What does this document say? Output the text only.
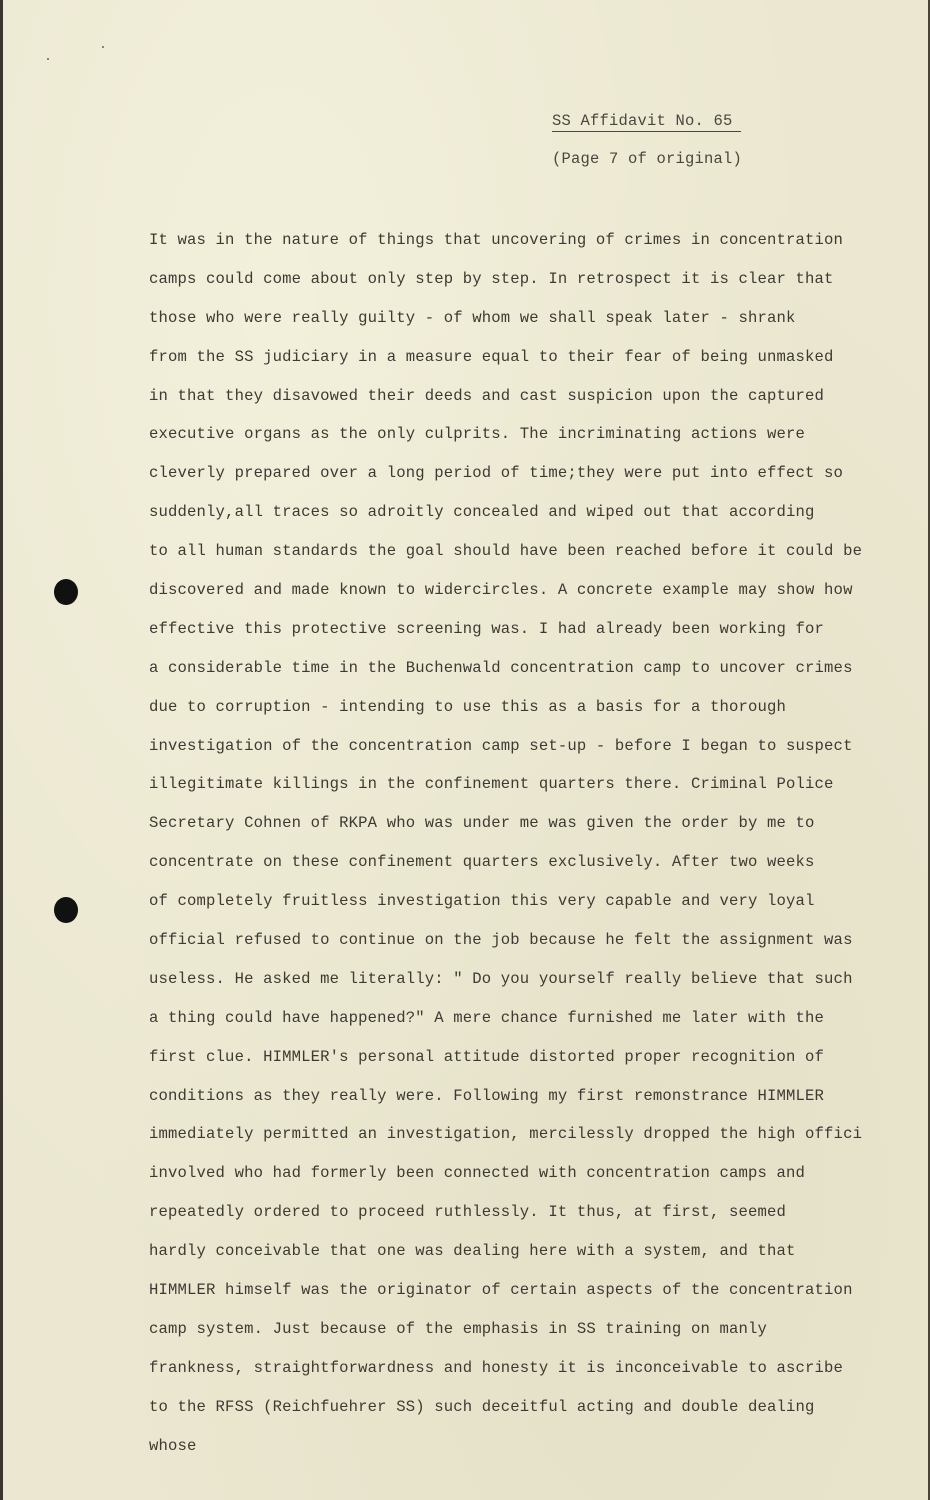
SS Affidavit No. 65
(Page 7 of original)
It was in the nature of things that uncovering of crimes in concentration
camps could come about only step by step. In retrospect it is clear that
those who were really guilty - of whom we shall speak later - shrank
from the SS judiciary in a measure equal to their fear of being unmasked
in that they disavowed their deeds and cast suspicion upon the captured
executive organs as the only culprits. The incriminating actions were
cleverly prepared over a long period of time;they were put into effect so
suddenly,all traces so adroitly concealed and wiped out that according
to all human standards the goal should have been reached before it could be
discovered and made known to widercircles. A concrete example may show how
effective this protective screening was. I had already been working for
a considerable time in the Buchenwald concentration camp to uncover crimes
due to corruption - intending to use this as a basis for a thorough
investigation of the concentration camp set-up - before I began to suspect
illegitimate killings in the confinement quarters there. Criminal Police
Secretary Cohnen of RKPA who was under me was given the order by me to
concentrate on these confinement quarters exclusively. After two weeks
of completely fruitless investigation this very capable and very loyal
official refused to continue on the job because he felt the assignment was
useless. He asked me literally: " Do you yourself really believe that such
a thing could have happened?" A mere chance furnished me later with the
first clue. HIMMLER's personal attitude distorted proper recognition of
conditions as they really were. Following my first remonstrance HIMMLER
immediately permitted an investigation, mercilessly dropped the high offici
involved who had formerly been connected with concentration camps and
repeatedly ordered to proceed ruthlessly. It thus, at first, seemed
hardly conceivable that one was dealing here with a system, and that
HIMMLER himself was the originator of certain aspects of the concentration
camp system. Just because of the emphasis in SS training on manly
frankness, straightforwardness and honesty it is inconceivable to ascribe
to the RFSS (Reichfuehrer SS) such deceitful acting and double dealing
whose
